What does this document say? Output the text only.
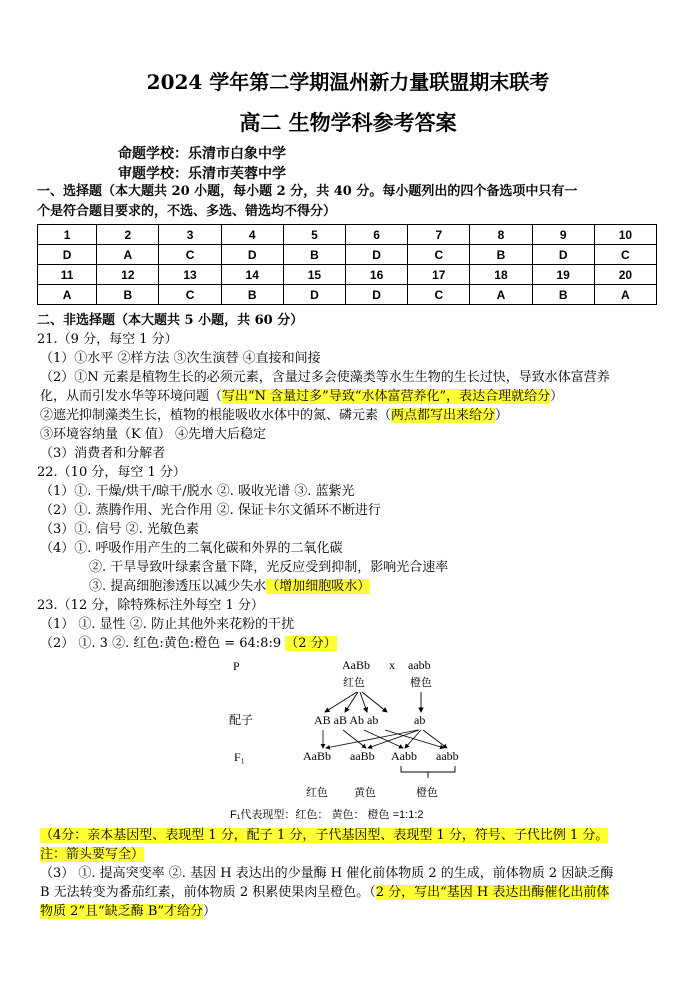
2024 学年第二学期温州新力量联盟期末联考
高二 生物学科参考答案
命题学校：乐清市白象中学
审题学校：乐清市芙蓉中学
一、选择题（本大题共 20 小题，每小题 2 分，共 40 分。每小题列出的四个备选项中只有一
个是符合题目要求的，不选、多选、错选均不得分）
1	2	3	4	5	6	7	8	9	10
D	A	C	D	B	D	C	B	D	C
11	12	13	14	15	16	17	18	19	20
A	B	C	B	D	D	C	A	B	A
二、非选择题（本大题共 5 小题，共 60 分）
21.（9 分，每空 1 分）
（1）①水平 ②样方法 ③次生演替 ④直接和间接
（2）①N 元素是植物生长的必须元素，含量过多会使藻类等水生生物的生长过快，导致水体富营养
化，从而引发水华等环境问题（写出“N 含量过多”导致“水体富营养化”，表达合理就给分）
②遮光抑制藻类生长，植物的根能吸收水体中的氮、磷元素（两点都写出来给分）
③环境容纳量（K 值） ④先增大后稳定
（3）消费者和分解者
22.（10 分，每空 1 分）
（1）①. 干燥/烘干/晾干/脱水 ②. 吸收光谱 ③. 蓝紫光
（2）①. 蒸腾作用、光合作用 ②. 保证卡尔文循环不断进行
（3）①. 信号 ②. 光敏色素
（4）①. 呼吸作用产生的二氧化碳和外界的二氧化碳
②. 干旱导致叶绿素含量下降，光反应受到抑制，影响光合速率
③. 提高细胞渗透压以减少失水（增加细胞吸水）
23.（12 分，除特殊标注外每空 1 分）
（1） ①. 显性 ②. 防止其他外来花粉的干扰
（2） ①. 3 ②. 红色:黄色:橙色 = 64:8:9 （2 分）
P	AaBb x aabb
红色	橙色
配子	AB aB Ab ab	ab
F₁	AaBb aaBb Aabb aabb
红色 黄色	橙色
F₁代表现型：红色： 黄色： 橙色 =1:1:2
（4分：亲本基因型、表现型 1 分，配子 1 分，子代基因型、表现型 1 分，符号、子代比例 1 分。
注：箭头要写全）
（3） ①. 提高突变率 ②. 基因 H 表达出的少量酶 H 催化前体物质 2 的生成，前体物质 2 因缺乏酶
B 无法转变为番茄红素，前体物质 2 积累使果肉呈橙色。（2 分，写出“基因 H 表达出酶催化出前体
物质 2”且“缺乏酶 B”才给分）
